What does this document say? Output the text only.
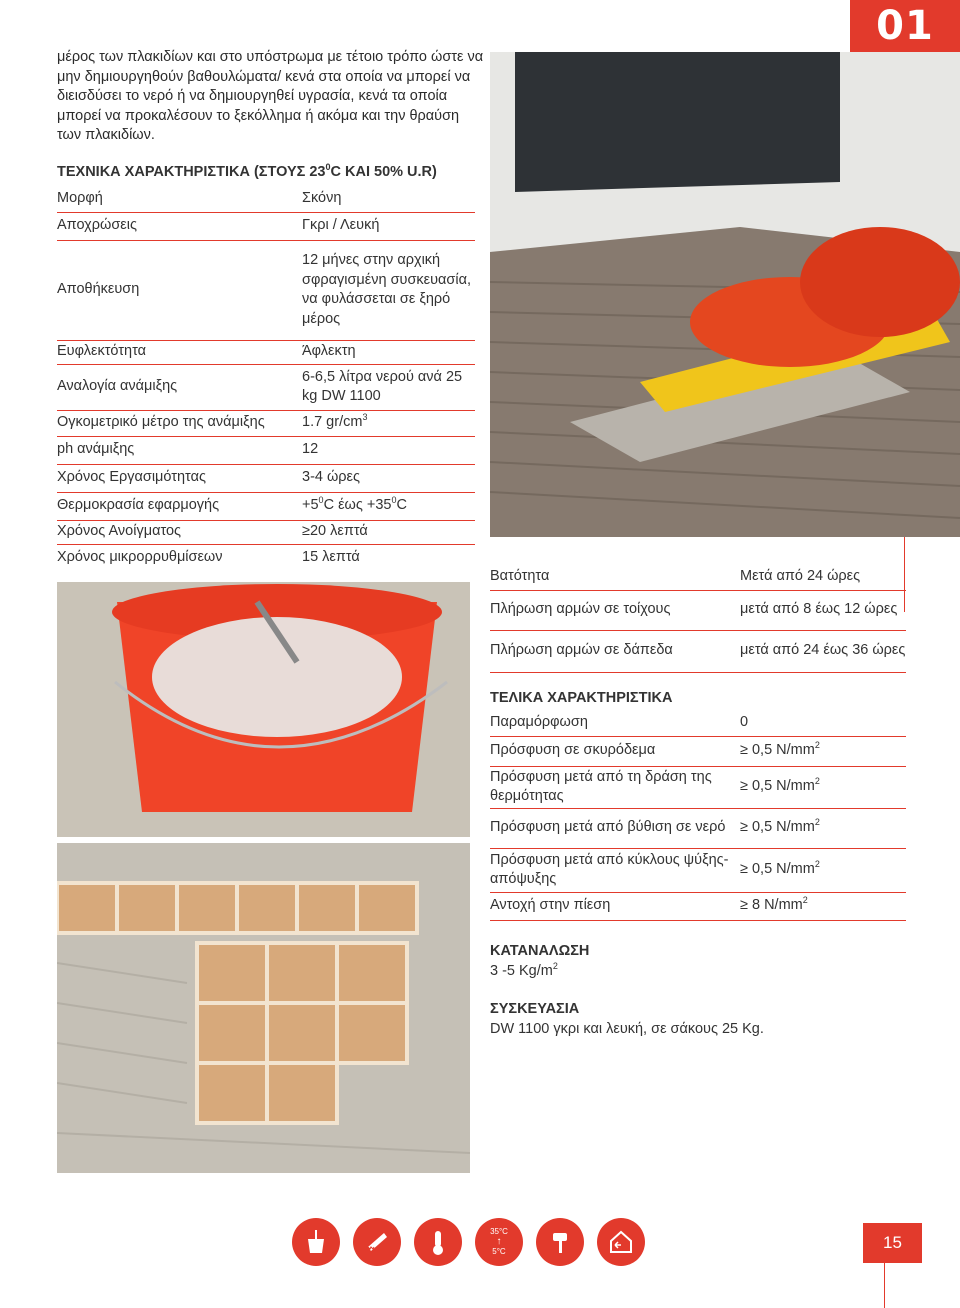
01

μέρος των πλακιδίων και στο υπόστρωμα με τέτοιο τρόπο ώστε να μην δημιουργηθούν βαθουλώματα/ κενά στα οποία να μπορεί να διεισδύσει το νερό ή να δημιουργηθεί υγρασία, κενά τα οποία μπορεί να προκαλέσουν το ξεκόλλημα ή ακόμα και την θραύση των πλακιδίων.

ΤΕΧΝΙΚΑ ΧΑΡΑΚΤΗΡΙΣΤΙΚΑ (ΣΤΟΥΣ $23^0C$ ΚΑΙ 50% U.R)
Μορφή	Σκόνη
Αποχρώσεις	Γκρι / Λευκή
Αποθήκευση	12 μήνες στην αρχική σφραγισμένη συσκευασία, να φυλάσσεται σε ξηρό μέρος
Ευφλεκτότητα	Άφλεκτη
Αναλογία ανάμιξης	6-6,5 λίτρα νερού ανά 25 kg DW 1100
Ογκομετρικό μέτρο της ανάμιξης	1.7 $gr/cm^3$
ph ανάμιξης	12
Χρόνος Εργασιμότητας	3-4 ώρες
Θερμοκρασία εφαρμογής	$+5^0C$ $έ\omega\varsigma +35^0C$
Χρόνος Ανοίγματος	≥20 λεπτά
Χρόνος μικρορρυθμίσεων	15 λεπτά
Βατότητα	Μετά από 24 ώρες
Πλήρωση αρμών σε τοίχους	μετά από 8 έως 12 ώρες
Πλήρωση αρμών σε δάπεδα	μετά από 24 έως 36 ώρες
ΤΕΛΙΚΑ ΧΑΡΑΚΤΗΡΙΣΤΙΚΑ
Παραμόρφωση	0
Πρόσφυση σε σκυρόδεμα	≥ 0,5 $N/mm^2$
Πρόσφυση μετά από τη δράση της θερμότητας	≥ 0,5 $N/mm^2$
Πρόσφυση μετά από βύθιση σε νερό	≥ 0,5 $N/mm^2$
Πρόσφυση μετά από κύκλους ψύξης-απόψυξης	≥ 0,5 $N/mm^2$
Αντοχή στην πίεση	≥ 8 $N/mm^2$
ΚΑΤΑΝΑΛΩΣΗ
3 -5 $Kg/m^2$
ΣΥΣΚΕΥΑΣΙΑ
DW 1100 γκρι και λευκή, σε σάκους 25 Kg.
35°C
↑
5°C	15
